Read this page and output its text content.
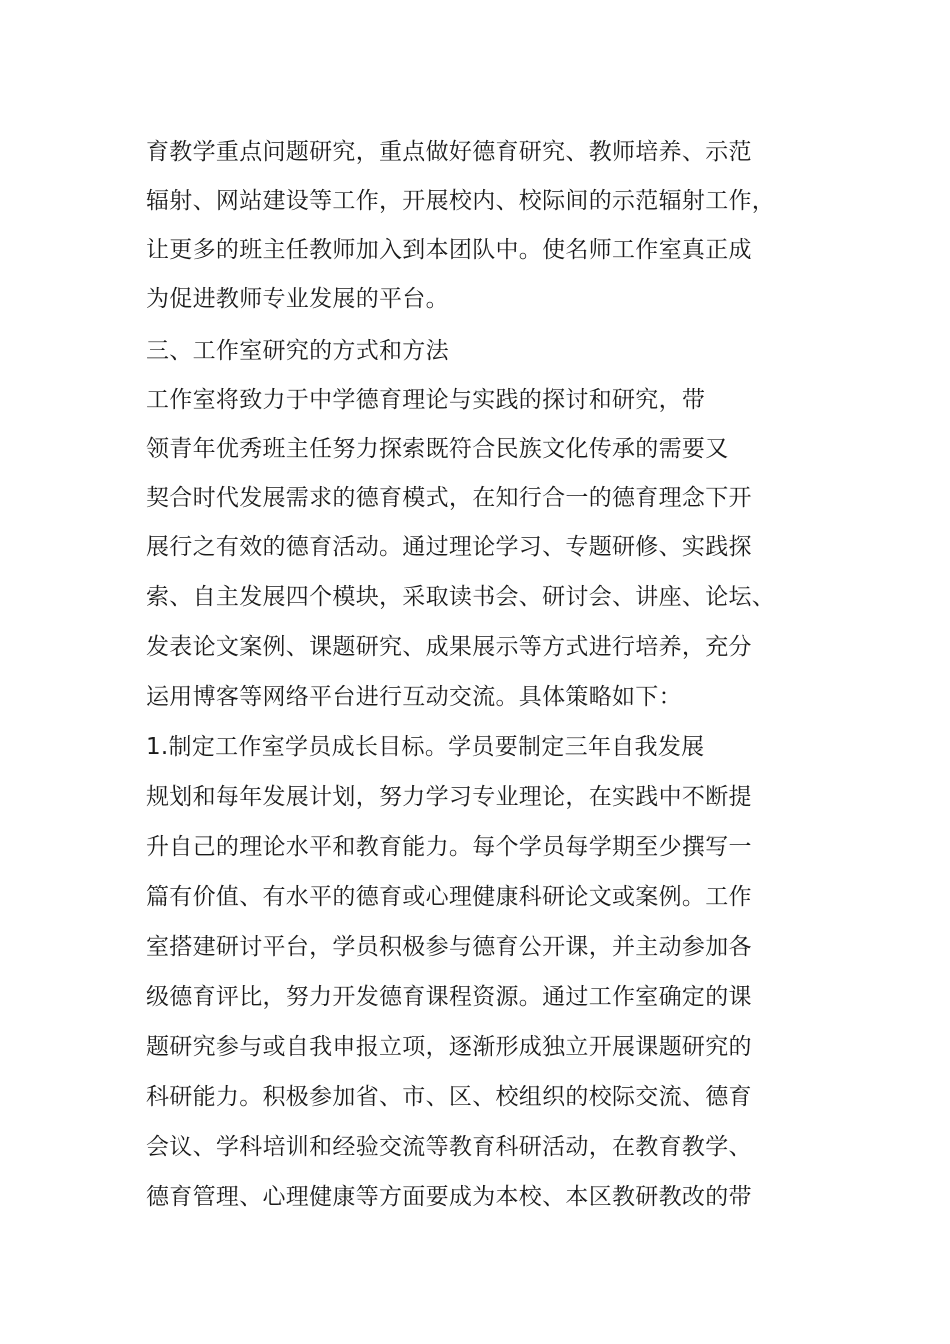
育教学重点问题研究，重点做好德育研究、教师培养、示范
辐射、网站建设等工作，开展校内、校际间的示范辐射工作，
让更多的班主任教师加入到本团队中。使名师工作室真正成
为促进教师专业发展的平台。
三、工作室研究的方式和方法
工作室将致力于中学德育理论与实践的探讨和研究，带
领青年优秀班主任努力探索既符合民族文化传承的需要又
契合时代发展需求的德育模式，在知行合一的德育理念下开
展行之有效的德育活动。通过理论学习、专题研修、实践探
索、自主发展四个模块，采取读书会、研讨会、讲座、论坛、
发表论文案例、课题研究、成果展示等方式进行培养，充分
运用博客等网络平台进行互动交流。具体策略如下：
1.制定工作室学员成长目标。学员要制定三年自我发展
规划和每年发展计划，努力学习专业理论，在实践中不断提
升自己的理论水平和教育能力。每个学员每学期至少撰写一
篇有价值、有水平的德育或心理健康科研论文或案例。工作
室搭建研讨平台，学员积极参与德育公开课，并主动参加各
级德育评比，努力开发德育课程资源。通过工作室确定的课
题研究参与或自我申报立项，逐渐形成独立开展课题研究的
科研能力。积极参加省、市、区、校组织的校际交流、德育
会议、学科培训和经验交流等教育科研活动，在教育教学、
德育管理、心理健康等方面要成为本校、本区教研教改的带
